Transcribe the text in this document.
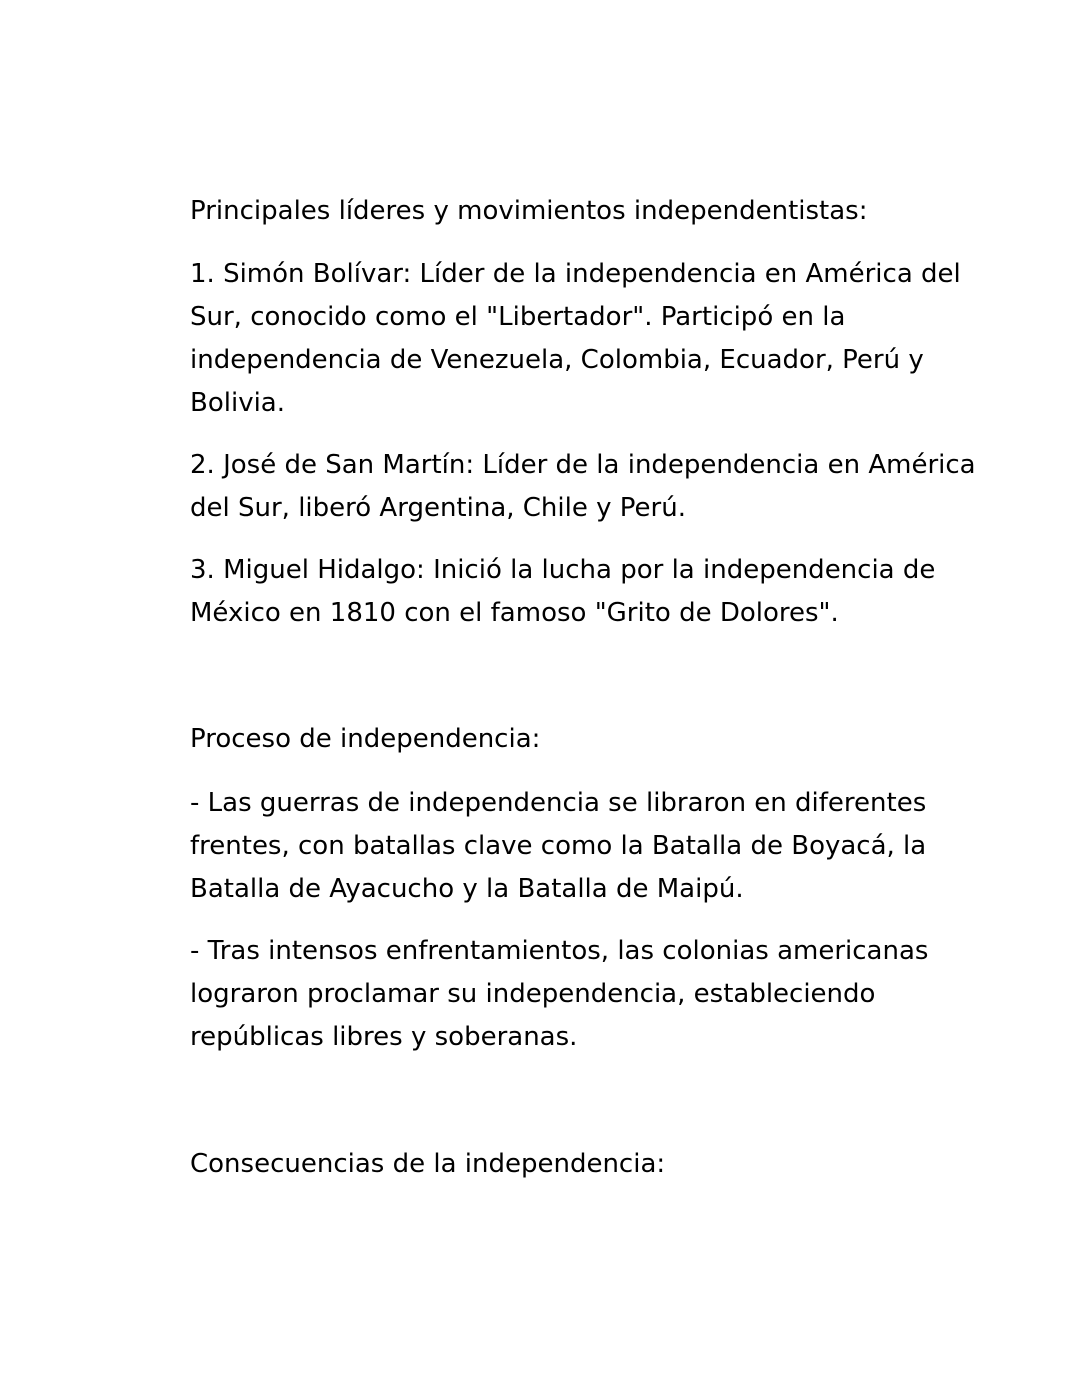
Principales líderes y movimientos independentistas:

1. Simón Bolívar: Líder de la independencia en América del Sur, conocido como el "Libertador". Participó en la independencia de Venezuela, Colombia, Ecuador, Perú y Bolivia.

2. José de San Martín: Líder de la independencia en América del Sur, liberó Argentina, Chile y Perú.

3. Miguel Hidalgo: Inició la lucha por la independencia de México en 1810 con el famoso "Grito de Dolores".

Proceso de independencia:

- Las guerras de independencia se libraron en diferentes frentes, con batallas clave como la Batalla de Boyacá, la Batalla de Ayacucho y la Batalla de Maipú.

- Tras intensos enfrentamientos, las colonias americanas lograron proclamar su independencia, estableciendo repúblicas libres y soberanas.

Consecuencias de la independencia:
